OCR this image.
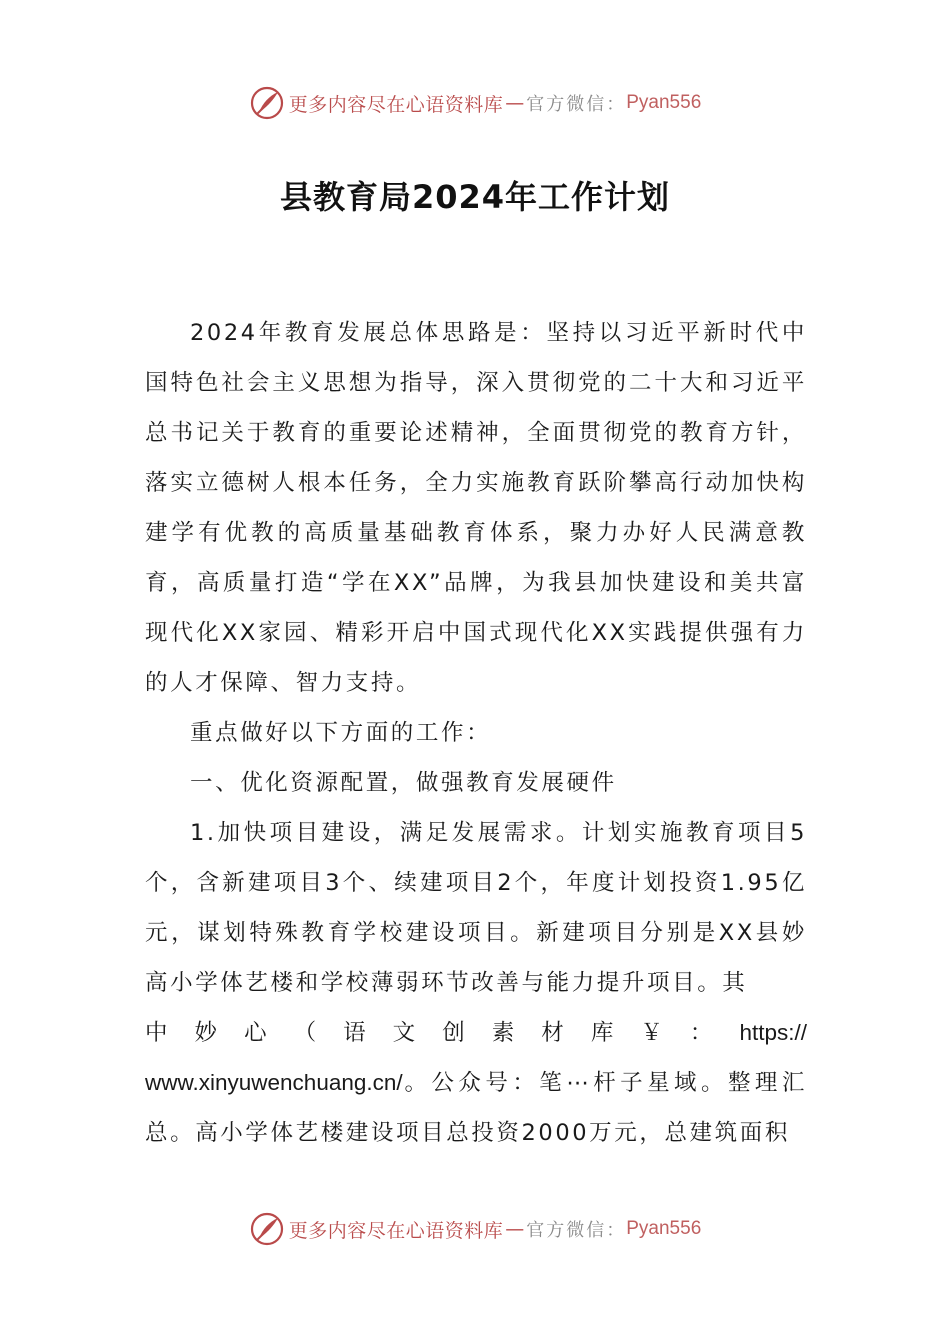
更多内容尽在心语资料库 — 官方微信： Pyan556
县教育局2024年工作计划

2024年教育发展总体思路是：坚持以习近平新时代中国特色社会主义思想为指导，深入贯彻党的二十大和习近平总书记关于教育的重要论述精神，全面贯彻党的教育方针，落实立德树人根本任务，全力实施教育跃阶攀高行动加快构建学有优教的高质量基础教育体系，聚力办好人民满意教育，高质量打造“学在XX”品牌，为我县加快建设和美共富现代化XX家园、精彩开启中国式现代化XX实践提供强有力的人才保障、智力支持。

重点做好以下方面的工作：

一、优化资源配置，做强教育发展硬件

1.加快项目建设，满足发展需求。计划实施教育项目5个，含新建项目3个、续建项目2个，年度计划投资1.95亿元，谋划特殊教育学校建设项目。新建项目分别是XX县妙高小学体艺楼和学校薄弱环节改善与能力提升项目。其

中妙心（语文创素材库￥：https://
www.xinyuwenchuang.cn/。公众号：笔⋯杆子星域。整理汇总。高小学体艺楼建设项目总投资2000万元，总建筑面积
更多内容尽在心语资料库 — 官方微信： Pyan556
